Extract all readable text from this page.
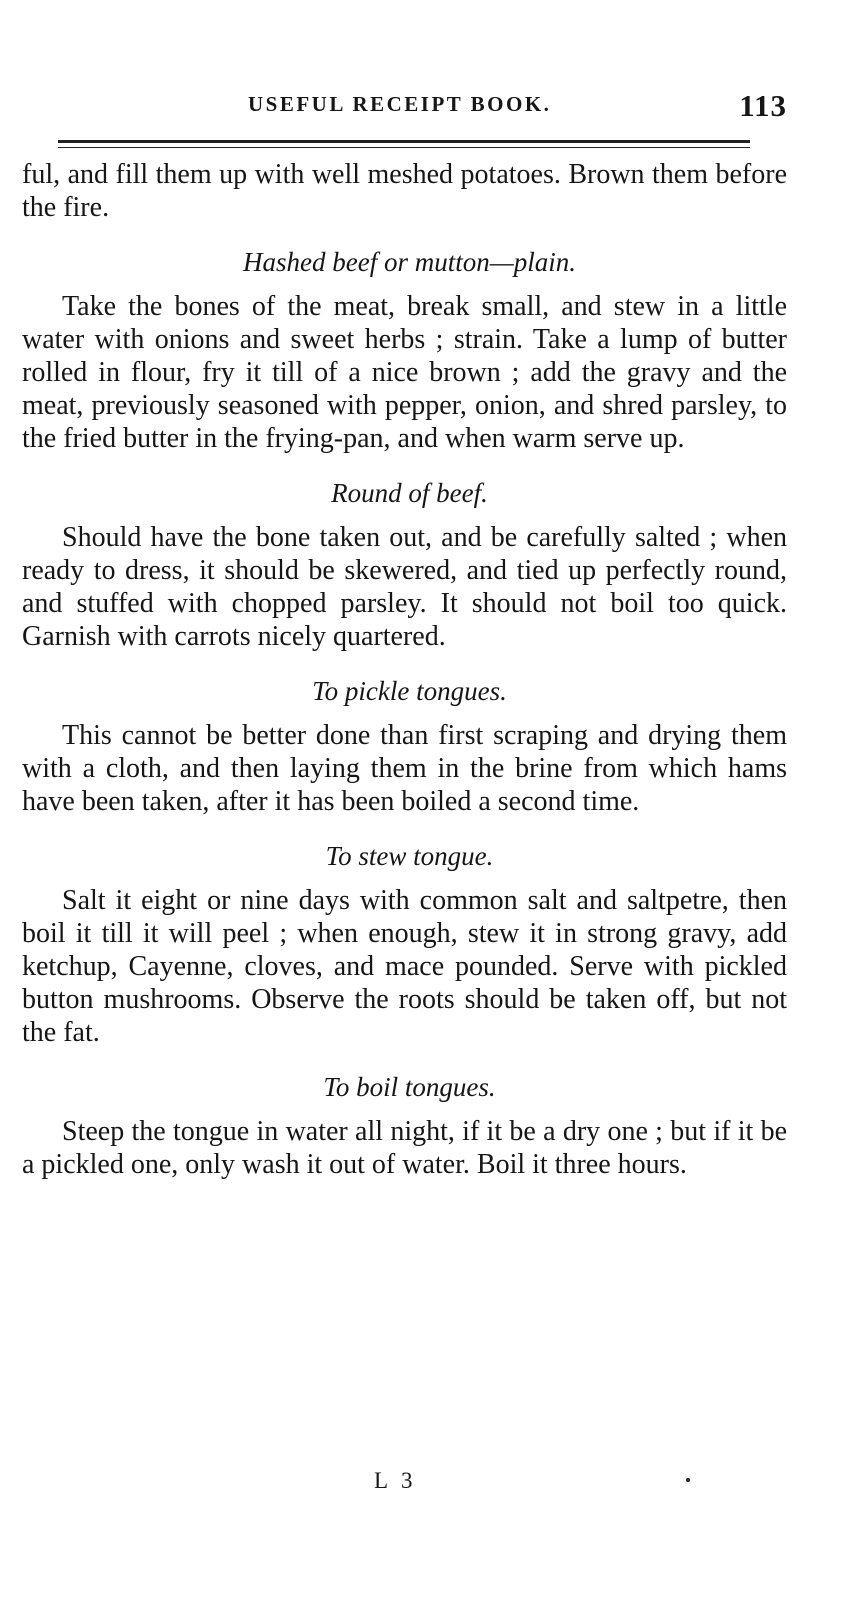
USEFUL RECEIPT BOOK.	113

ful, and fill them up with well meshed potatoes. Brown them before the fire.

Hashed beef or mutton—plain.

Take the bones of the meat, break small, and stew in a little water with onions and sweet herbs ; strain. Take a lump of butter rolled in flour, fry it till of a nice brown ; add the gravy and the meat, previously seasoned with pepper, onion, and shred parsley, to the fried butter in the frying-pan, and when warm serve up.

Round of beef.

Should have the bone taken out, and be carefully salted ; when ready to dress, it should be skewered, and tied up perfectly round, and stuffed with chopped parsley. It should not boil too quick. Garnish with carrots nicely quartered.

To pickle tongues.

This cannot be better done than first scraping and drying them with a cloth, and then laying them in the brine from which hams have been taken, after it has been boiled a second time.

To stew tongue.

Salt it eight or nine days with common salt and saltpetre, then boil it till it will peel ; when enough, stew it in strong gravy, add ketchup, Cayenne, cloves, and mace pounded. Serve with pickled button mushrooms. Observe the roots should be taken off, but not the fat.

To boil tongues.

Steep the tongue in water all night, if it be a dry one ; but if it be a pickled one, only wash it out of water. Boil it three hours.

L 3
